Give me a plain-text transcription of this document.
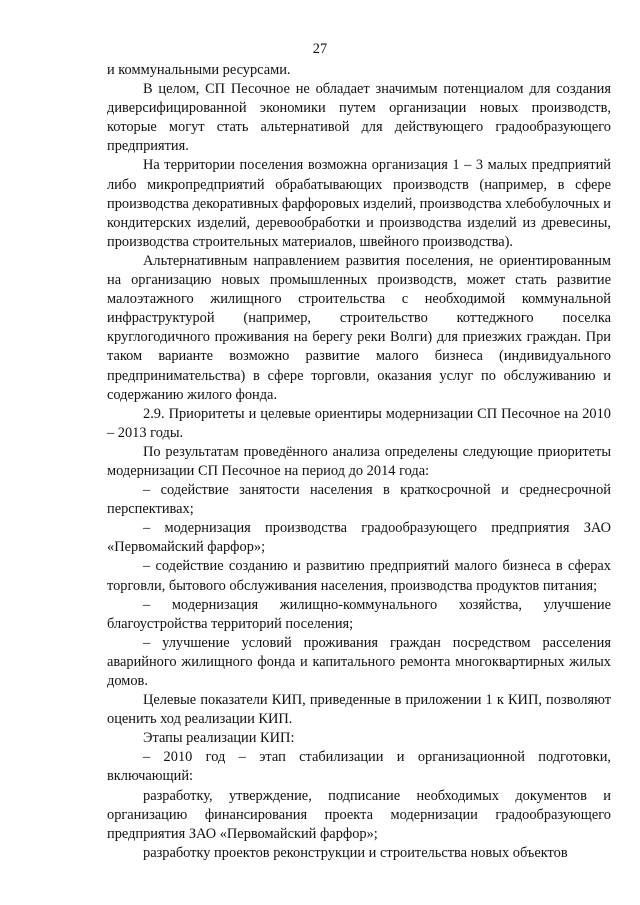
27

и коммунальными ресурсами.

В целом, СП Песочное не обладает значимым потенциалом для создания диверсифицированной экономики путем организации новых производств, которые могут стать альтернативой для действующего градообразующего предприятия.

На территории поселения возможна организация 1 – 3 малых предприятий либо микропредприятий обрабатывающих производств (например, в сфере производства декоративных фарфоровых изделий, производства хлебобулочных и кондитерских изделий, деревообработки и производства изделий из древесины, производства строительных материалов, швейного производства).

Альтернативным направлением развития поселения, не ориентированным на организацию новых промышленных производств, может стать развитие малоэтажного жилищного строительства с необходимой коммунальной инфраструктурой (например, строительство коттеджного поселка круглогодичного проживания на берегу реки Волги) для приезжих граждан. При таком варианте возможно развитие малого бизнеса (индивидуального предпринимательства) в сфере торговли, оказания услуг по обслуживанию и содержанию жилого фонда.

2.9. Приоритеты и целевые ориентиры модернизации СП Песочное на 2010 – 2013 годы.

По результатам проведённого анализа определены следующие приоритеты модернизации СП Песочное на период до 2014 года:

– содействие занятости населения в краткосрочной и среднесрочной перспективах;

– модернизация производства градообразующего предприятия ЗАО «Первомайский фарфор»;

– содействие созданию и развитию предприятий малого бизнеса в сферах торговли, бытового обслуживания населения, производства продуктов питания;

– модернизация жилищно-коммунального хозяйства, улучшение благоустройства территорий поселения;

– улучшение условий проживания граждан посредством расселения аварийного жилищного фонда и капитального ремонта многоквартирных жилых домов.

Целевые показатели КИП, приведенные в приложении 1 к КИП, позволяют оценить ход реализации КИП.

Этапы реализации КИП:

– 2010 год – этап стабилизации и организационной подготовки, включающий:

разработку, утверждение, подписание необходимых документов и организацию финансирования проекта модернизации градообразующего предприятия ЗАО «Первомайский фарфор»;

разработку проектов реконструкции и строительства новых объектов
